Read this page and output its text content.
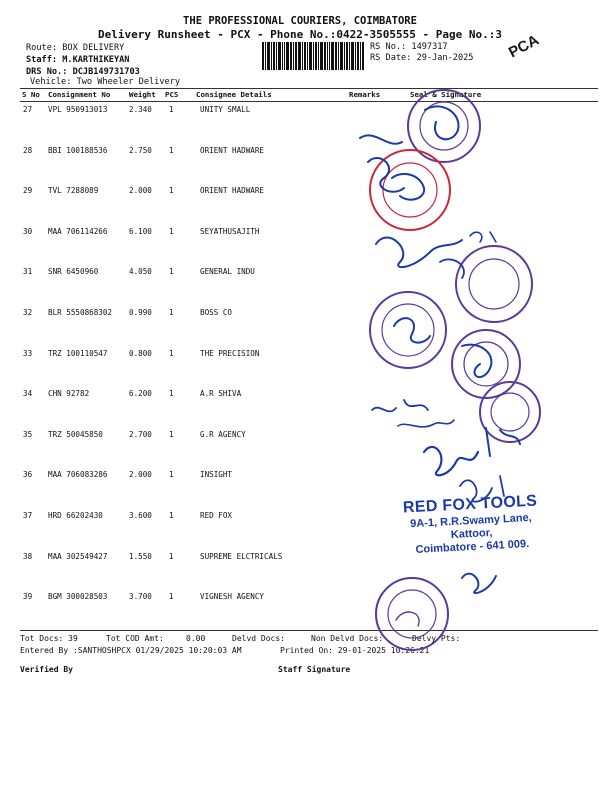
THE PROFESSIONAL COURIERS, COIMBATORE
Delivery Runsheet - PCX - Phone No.:0422-3505555 - Page No.:3
Route: BOX DELIVERY
Staff: M.KARTHIKEYAN
DRS No.: DCJB149731703
Vehicle: Two Wheeler Delivery
RS No.: 1497317
RS Date: 29-Jan-2025 PCA
S No Consignment No	Weight PCS Consignee Details	Remarks	Seal & Signature
27 VPL 950913013	2.340 1	UNITY SMALL
28 BBI 100188536	2.750 1	ORIENT HADWARE
29 TVL 7288089	2.000 1	ORIENT HADWARE
30 MAA 706114266	6.100 1	SEYATHUSAJITH
31 SNR 6450960	4.050 1	GENERAL INDU
32 BLR 5550868302 0.990 1	BOSS CO
33 TRZ 100110547	0.800 1	THE PRECISION
34 CHN 92782	6.200 1	A.R SHIVA
35 TRZ 50045850	2.700 1	G.R AGENCY
36 MAA 706083286	2.000 1	INSIGHT
37 HRD 66202430	3.600 1	RED FOX
38 MAA 302549427	1.550 1	SUPREME ELCTRICALS
39 BGM 300028503	3.700 1	VIGNESH AGENCY
Tot Docs: 39	Tot COD Amt:	0.00	Delvd Docs:	Non Delvd Docs:	Delvy Pts:
Entered By :SANTHOSHPCX 01/29/2025 10:20:03 AM	Printed On: 29-01-2025 10:26:21
Verified By	Staff Signature
RED FOX TOOLS
9A-1, R.R.Swamy Lane,
Kattoor,
Coimbatore - 641 009.
